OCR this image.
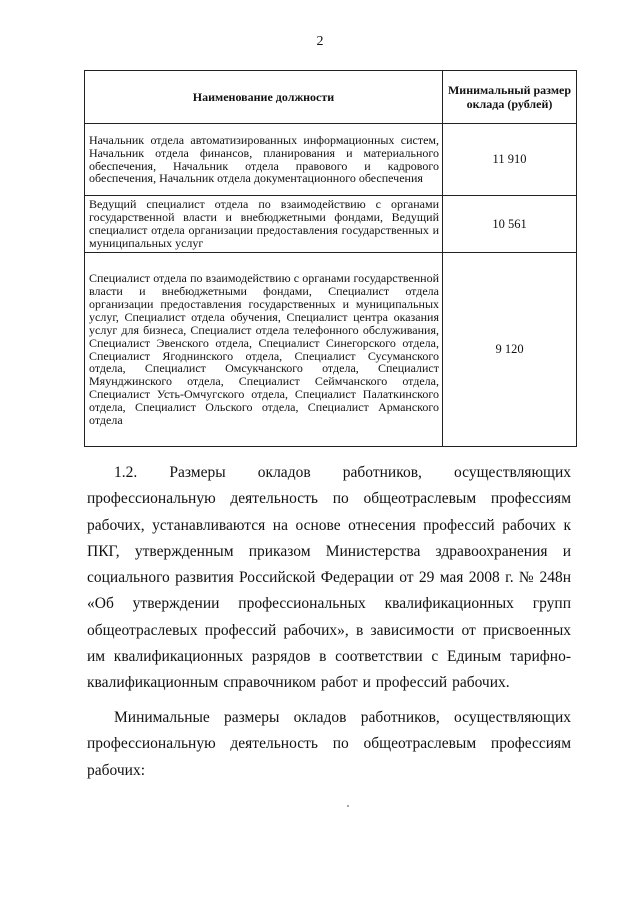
2
Наименование должности	Минимальный размер оклада (рублей)
Начальник отдела автоматизированных информационных систем, Начальник отдела финансов, планирования и материального обеспечения, Начальник отдела правового и кадрового обеспечения, Начальник отдела документационного обеспечения	11 910
Ведущий специалист отдела по взаимодействию с органами государственной власти и внебюджетными фондами, Ведущий специалист отдела организации предоставления государственных и муниципальных услуг	10 561
Специалист отдела по взаимодействию с органами государственной власти и внебюджетными фондами, Специалист отдела организации предоставления государственных и муниципальных услуг, Специалист отдела обучения, Специалист центра оказания услуг для бизнеса, Специалист отдела телефонного обслуживания, Специалист Эвенского отдела, Специалист Синегорского отдела, Специалист Ягоднинского отдела, Специалист Сусуманского отдела, Специалист Омсукчанского отдела, Специалист Мяунджинского отдела, Специалист Сеймчанского отдела, Специалист Усть-Омчугского отдела, Специалист Палаткинского отдела, Специалист Ольского отдела, Специалист Арманского отдела	9 120

1.2. Размеры окладов работников, осуществляющих профессиональную деятельность по общеотраслевым профессиям рабочих, устанавливаются на основе отнесения профессий рабочих к ПКГ, утвержденным приказом Министерства здравоохранения и социального развития Российской Федерации от 29 мая 2008 г. № 248н «Об утверждении профессиональных квалификационных групп общеотраслевых профессий рабочих», в зависимости от присвоенных им квалификационных разрядов в соответствии с Единым тарифно-квалификационным справочником работ и профессий рабочих.

Минимальные размеры окладов работников, осуществляющих профессиональную деятельность по общеотраслевым профессиям рабочих:
